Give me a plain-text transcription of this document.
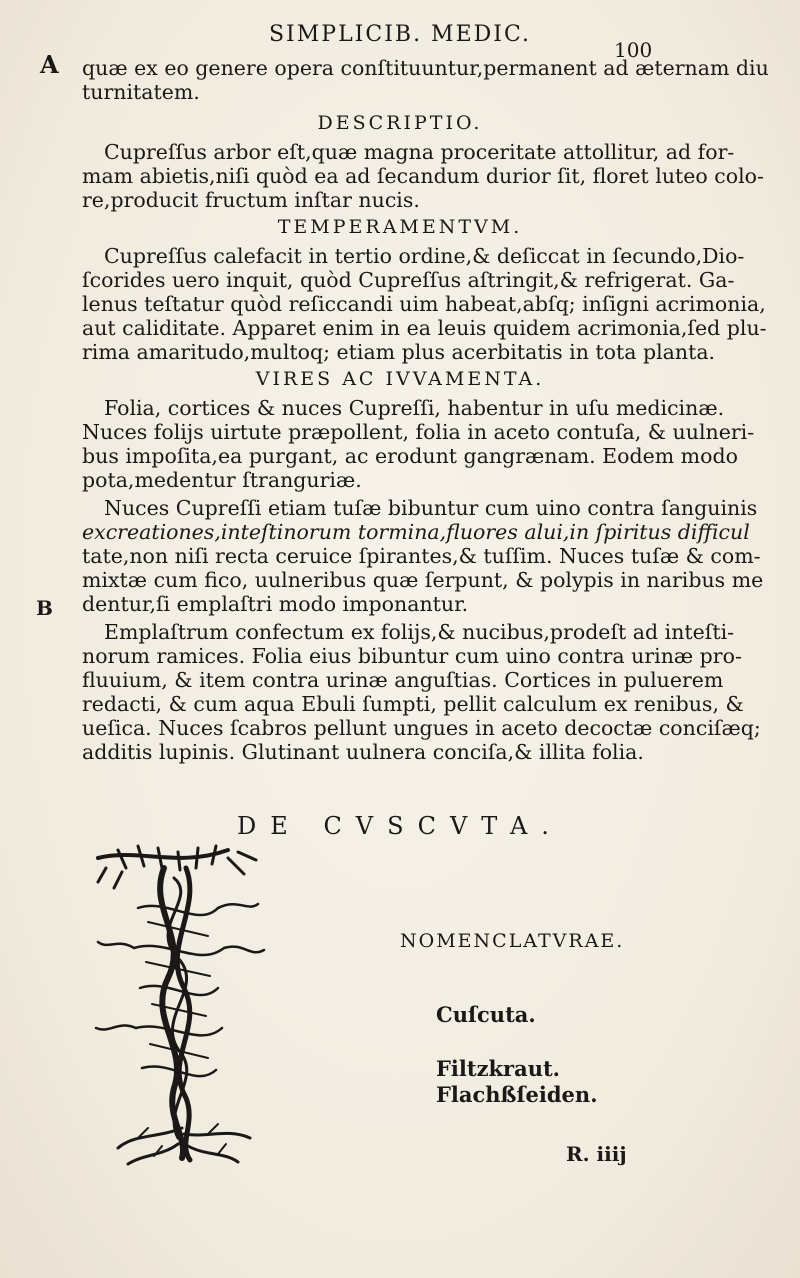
SIMPLICIB. MEDIC.
100
A
B
quæ ex eo genere opera conſtituuntur,permanent ad æternam diu
turnitatem.
DESCRIPTIO.
Cupreſſus arbor eſt,quæ magna proceritate attollitur, ad for-
mam abietis,niſi quòd ea ad ſecandum durior ſit, floret luteo colo-
re,producit fructum inſtar nucis.
TEMPERAMENTVM.
Cupreſſus calefacit in tertio ordine,& deſiccat in ſecundo,Dio-
ſcorides uero inquit, quòd Cupreſſus aſtringit,& refrigerat. Ga-
lenus teſtatur quòd reſiccandi uim habeat,abſq; inſigni acrimonia,
aut caliditate. Apparet enim in ea leuis quidem acrimonia,ſed plu-
rima amaritudo,multoq; etiam plus acerbitatis in tota planta.
VIRES AC IVVAMENTA.
Folia, cortices & nuces Cupreſſi, habentur in uſu medicinæ.
Nuces folijs uirtute præpollent, folia in aceto contuſa, & uulneri-
bus impoſita,ea purgant, ac erodunt gangrænam. Eodem modo
pota,medentur ſtranguriæ.
Nuces Cupreſſi etiam tuſæ bibuntur cum uino contra ſanguinis
excreationes,inteſtinorum tormina,fluores alui,in ſpiritus difficul
tate,non niſi recta ceruice ſpirantes,& tuſſim. Nuces tuſæ & com-
mixtæ cum fico, uulneribus quæ ſerpunt, & polypis in naribus me
dentur,ſi emplaſtri modo imponantur.
Emplaſtrum confectum ex folijs,& nucibus,prodeſt ad inteſti-
norum ramices. Folia eius bibuntur cum uino contra urinæ pro-
fluuium, & item contra urinæ anguſtias. Cortices in puluerem
redacti, & cum aqua Ebuli ſumpti, pellit calculum ex renibus, &
ueſica. Nuces ſcabros pellunt ungues in aceto decoctæ conciſæq;
additis lupinis. Glutinant uulnera conciſa,& illita folia.
DE CVSCVTA.
NOMENCLATVRAE.
Cuſcuta.
Filtzkraut.
Flachßſeiden.
R. iiij
